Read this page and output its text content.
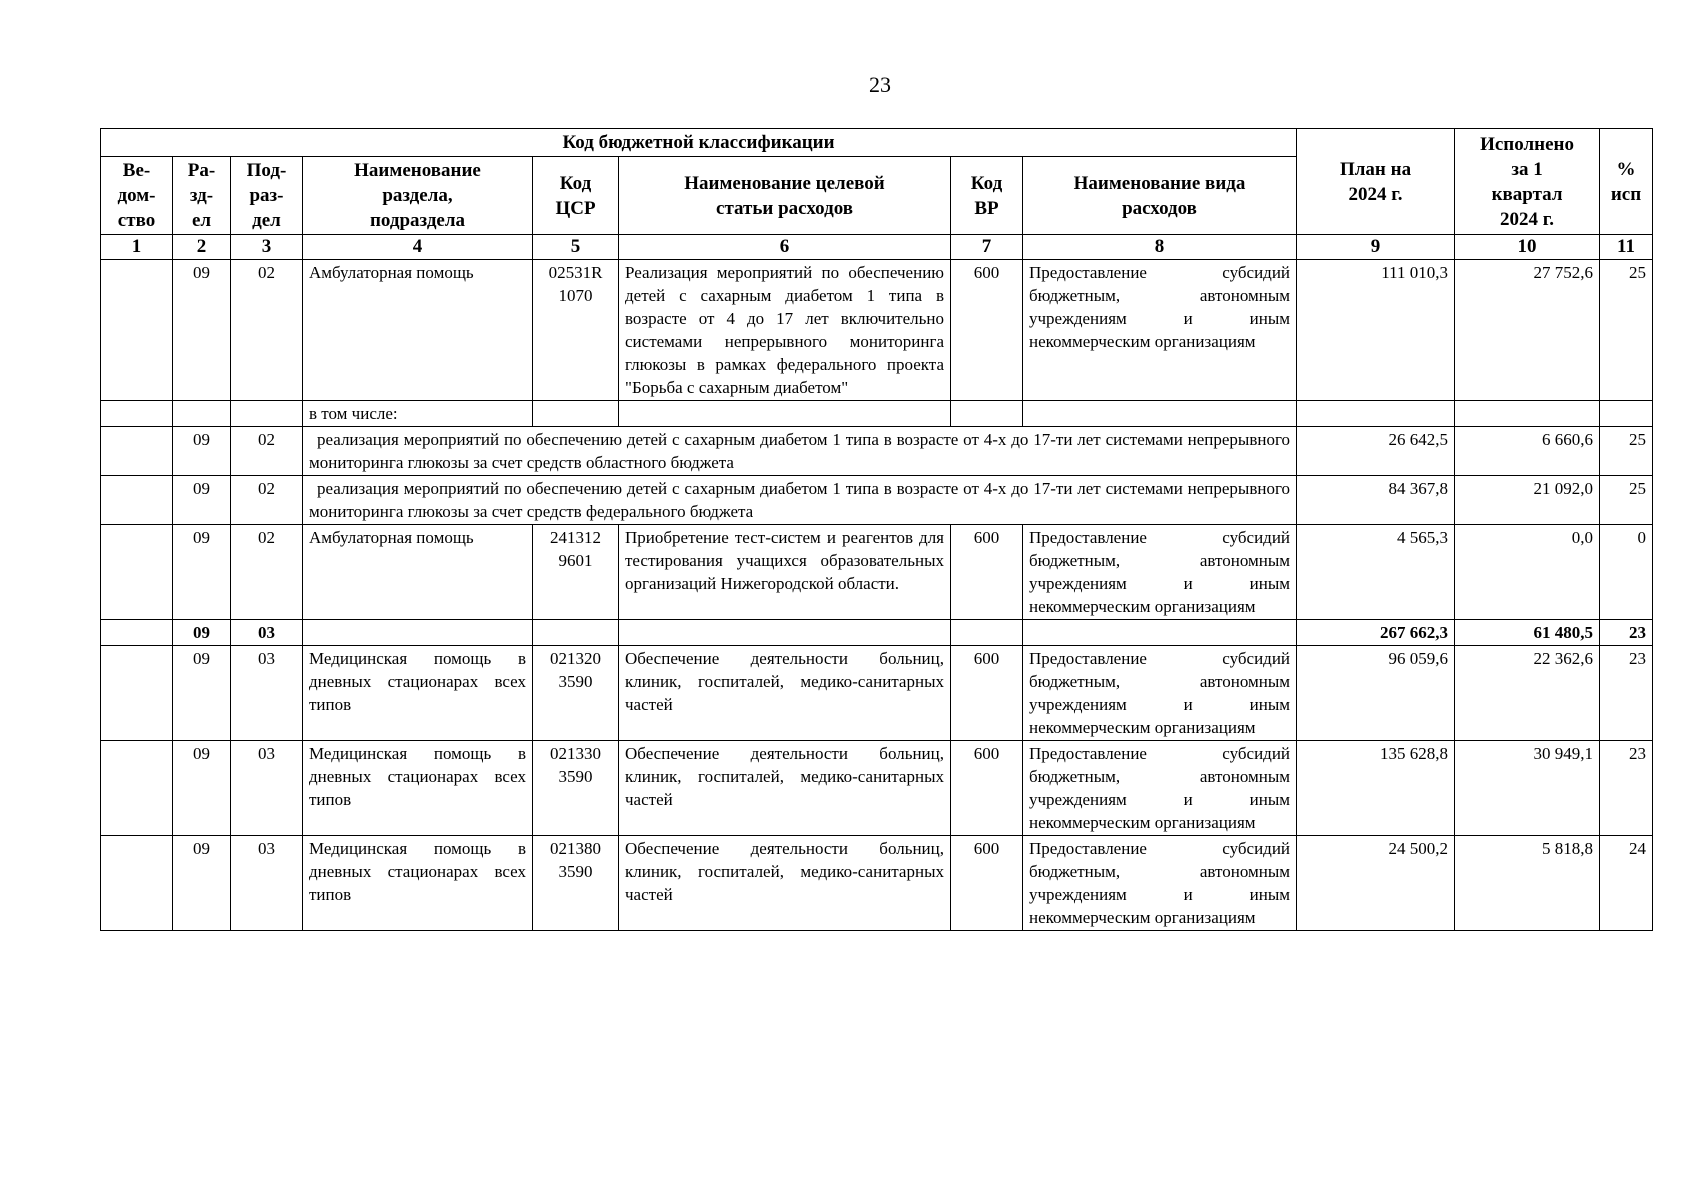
23
Код бюджетной классификации								План на
2024 г.	Исполнено
за 1
квартал
2024 г.	%
исп
Ве-
дом-
ство	Ра-
зд-
ел	Под-
раз-
дел	Наименование
раздела,
подраздела	Код
ЦСР	Наименование целевой
статьи расходов	Код
ВР	Наименование вида
расходов			
1	2	3	4	5	6	7	8	9	10	11
	09	02	Амбулаторная помощь	02531R
1070	Реализация мероприятий по обеспечению детей с сахарным диабетом 1 типа в возрасте от 4 до 17 лет включительно системами непрерывного мониторинга глюкозы в рамках федерального проекта "Борьба с сахарным диабетом"	600	Предоставление субсидий бюджетным, автономным учреждениям и иным некоммерческим организациям	111 010,3	27 752,6	25
			в том числе:							
	09	02	реализация мероприятий по обеспечению детей с сахарным диабетом 1 типа в возрасте от 4-х до 17-ти лет системами непрерывного мониторинга глюкозы за счет средств областного бюджета					26 642,5	6 660,6	25
	09	02	реализация мероприятий по обеспечению детей с сахарным диабетом 1 типа в возрасте от 4-х до 17-ти лет системами непрерывного мониторинга глюкозы за счет средств федерального бюджета					84 367,8	21 092,0	25
	09	02	Амбулаторная помощь	241312
9601	Приобретение тест-систем и реагентов для тестирования учащихся образовательных организаций Нижегородской области.	600	Предоставление субсидий бюджетным, автономным учреждениям и иным некоммерческим организациям	4 565,3	0,0	0
	09	03						267 662,3	61 480,5	23
	09	03	Медицинская помощь в дневных стационарах всех типов	021320
3590	Обеспечение деятельности больниц, клиник, госпиталей, медико-санитарных частей	600	Предоставление субсидий бюджетным, автономным учреждениям и иным некоммерческим организациям	96 059,6	22 362,6	23
	09	03	Медицинская помощь в дневных стационарах всех типов	021330
3590	Обеспечение деятельности больниц, клиник, госпиталей, медико-санитарных частей	600	Предоставление субсидий бюджетным, автономным учреждениям и иным некоммерческим организациям	135 628,8	30 949,1	23
	09	03	Медицинская помощь в дневных стационарах всех типов	021380
3590	Обеспечение деятельности больниц, клиник, госпиталей, медико-санитарных частей	600	Предоставление субсидий бюджетным, автономным учреждениям и иным некоммерческим организациям	24 500,2	5 818,8	24
